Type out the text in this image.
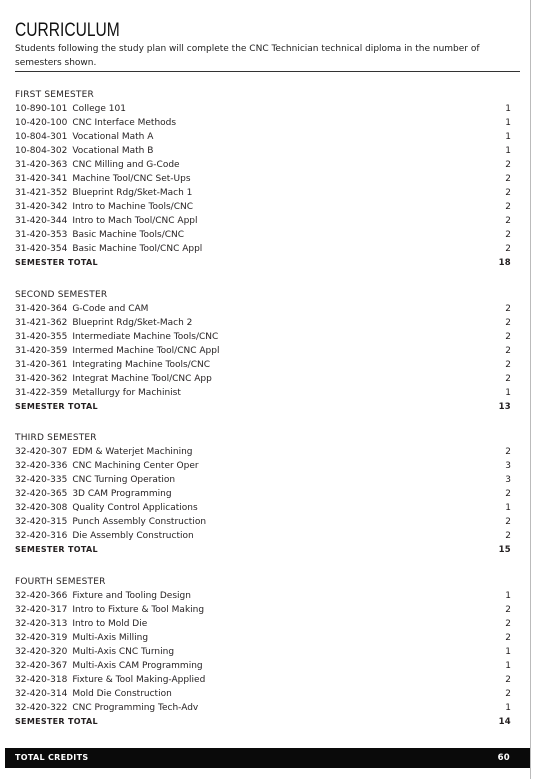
CURRICULUM
Students following the study plan will complete the CNC Technician technical diploma in the number of semesters shown.
FIRST SEMESTER
10-890-101 College 101	1
10-420-100 CNC Interface Methods	1
10-804-301 Vocational Math A	1
10-804-302 Vocational Math B	1
31-420-363 CNC Milling and G-Code	2
31-420-341 Machine Tool/CNC Set-Ups	2
31-421-352 Blueprint Rdg/Sket-Mach 1	2
31-420-342 Intro to Machine Tools/CNC	2
31-420-344 Intro to Mach Tool/CNC Appl	2
31-420-353 Basic Machine Tools/CNC	2
31-420-354 Basic Machine Tool/CNC Appl	2
SEMESTER TOTAL	18
SECOND SEMESTER
31-420-364 G-Code and CAM	2
31-421-362 Blueprint Rdg/Sket-Mach 2	2
31-420-355 Intermediate Machine Tools/CNC	2
31-420-359 Intermed Machine Tool/CNC Appl	2
31-420-361 Integrating Machine Tools/CNC	2
31-420-362 Integrat Machine Tool/CNC App	2
31-422-359 Metallurgy for Machinist	1
SEMESTER TOTAL	13
THIRD SEMESTER
32-420-307 EDM & Waterjet Machining	2
32-420-336 CNC Machining Center Oper	3
32-420-335 CNC Turning Operation	3
32-420-365 3D CAM Programming	2
32-420-308 Quality Control Applications	1
32-420-315 Punch Assembly Construction	2
32-420-316 Die Assembly Construction	2
SEMESTER TOTAL	15
FOURTH SEMESTER
32-420-366 Fixture and Tooling Design	1
32-420-317 Intro to Fixture & Tool Making	2
32-420-313 Intro to Mold Die	2
32-420-319 Multi-Axis Milling	2
32-420-320 Multi-Axis CNC Turning	1
32-420-367 Multi-Axis CAM Programming	1
32-420-318 Fixture & Tool Making-Applied	2
32-420-314 Mold Die Construction	2
32-420-322 CNC Programming Tech-Adv	1
SEMESTER TOTAL	14
TOTAL CREDITS	60
